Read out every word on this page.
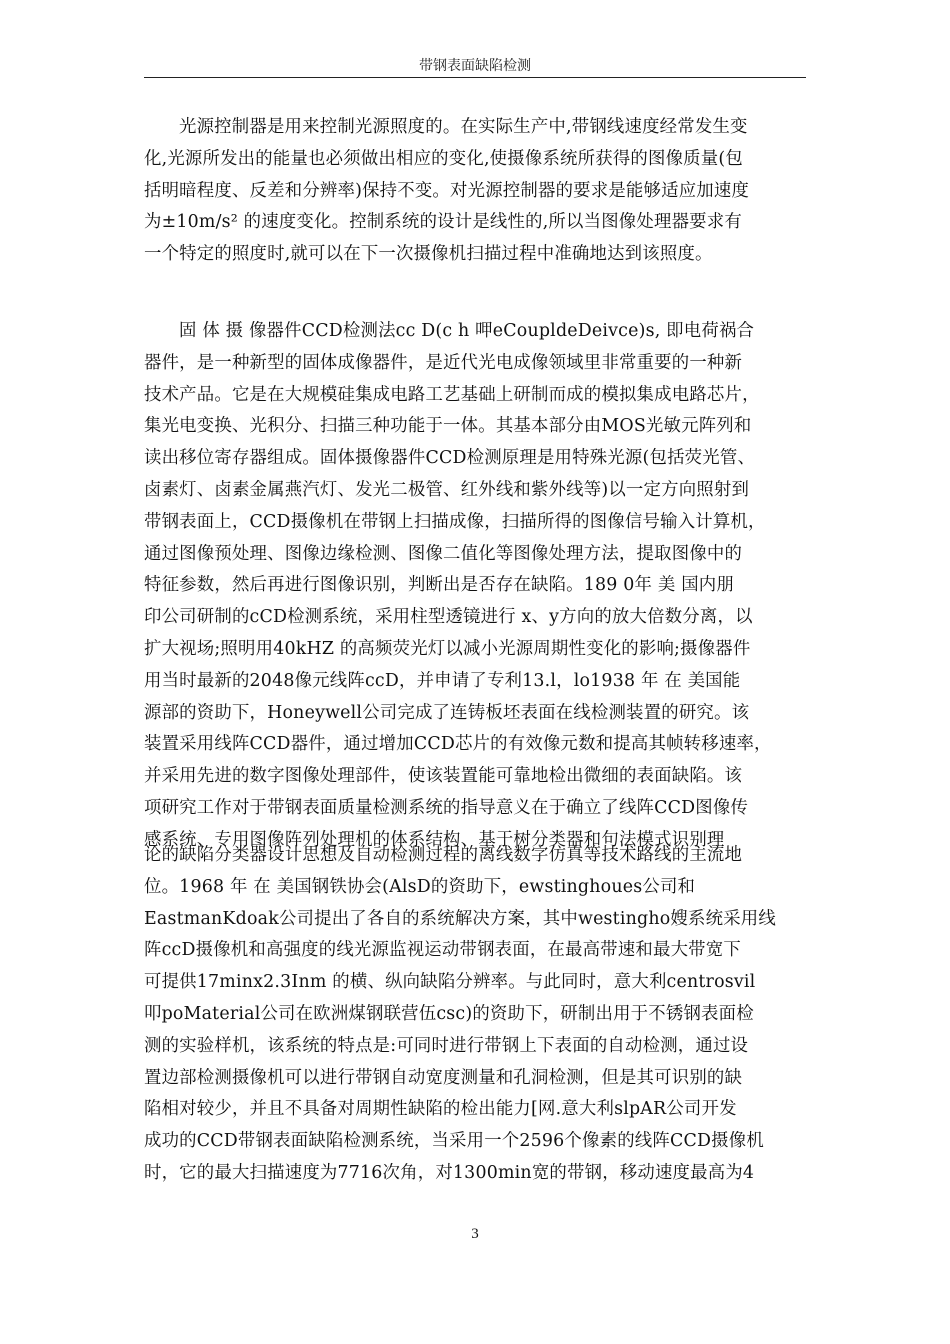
带钢表面缺陷检测
光源控制器是用来控制光源照度的。在实际生产中,带钢线速度经常发生变
化,光源所发出的能量也必须做出相应的变化,使摄像系统所获得的图像质量(包
括明暗程度、反差和分辨率)保持不变。对光源控制器的要求是能够适应加速度
为±10m/s² 的速度变化。控制系统的设计是线性的,所以当图像处理器要求有
一个特定的照度时,就可以在下一次摄像机扫描过程中准确地达到该照度。
固 体 摄 像器件CCD检测法cc D(c h 呷eCoupldeDeivce)s, 即电荷祸合
器件，是一种新型的固体成像器件，是近代光电成像领域里非常重要的一种新
技术产品。它是在大规模硅集成电路工艺基础上研制而成的模拟集成电路芯片，
集光电变换、光积分、扫描三种功能于一体。其基本部分由MOS光敏元阵列和
读出移位寄存器组成。固体摄像器件CCD检测原理是用特殊光源(包括荧光管、
卤素灯、卤素金属燕汽灯、发光二极管、红外线和紫外线等)以一定方向照射到
带钢表面上，CCD摄像机在带钢上扫描成像，扫描所得的图像信号输入计算机，
通过图像预处理、图像边缘检测、图像二值化等图像处理方法，提取图像中的
特征参数，然后再进行图像识别，判断出是否存在缺陷。189 0年 美 国内朋
印公司研制的cCD检测系统，采用柱型透镜进行 x、y方向的放大倍数分离，以
扩大视场;照明用40kHZ 的高频荧光灯以减小光源周期性变化的影响;摄像器件
用当时最新的2048像元线阵ccD，并申请了专利13.l，lo1938 年 在 美国能
源部的资助下，Honeywell公司完成了连铸板坯表面在线检测装置的研究。该
装置采用线阵CCD器件，通过增加CCD芯片的有效像元数和提高其帧转移速率，
并采用先进的数字图像处理部件，使该装置能可靠地检出微细的表面缺陷。该
项研究工作对于带钢表面质量检测系统的指导意义在于确立了线阵CCD图像传
感系统、专用图像阵列处理机的体系结构、基于树分类器和句法模式识别理
论的缺陷分类器设计思想及自动检测过程的离线数字仿真等技术路线的主流地
位。1968 年 在 美国钢铁协会(AlsD的资助下，ewstinghoues公司和
EastmanKdoak公司提出了各自的系统解决方案，其中westingho嫂系统采用线
阵ccD摄像机和高强度的线光源监视运动带钢表面，在最高带速和最大带宽下
可提供17minx2.3Inm 的横、纵向缺陷分辨率。与此同时，意大利centrosvil
叩poMaterial公司在欧洲煤钢联营伍csc)的资助下，研制出用于不锈钢表面检
测的实验样机，该系统的特点是:可同时进行带钢上下表面的自动检测，通过设
置边部检测摄像机可以进行带钢自动宽度测量和孔洞检测，但是其可识别的缺
陷相对较少，并且不具备对周期性缺陷的检出能力[网.意大利slpAR公司开发
成功的CCD带钢表面缺陷检测系统，当采用一个2596个像素的线阵CCD摄像机
时，它的最大扫描速度为7716次角，对1300min宽的带钢，移动速度最高为4
3
